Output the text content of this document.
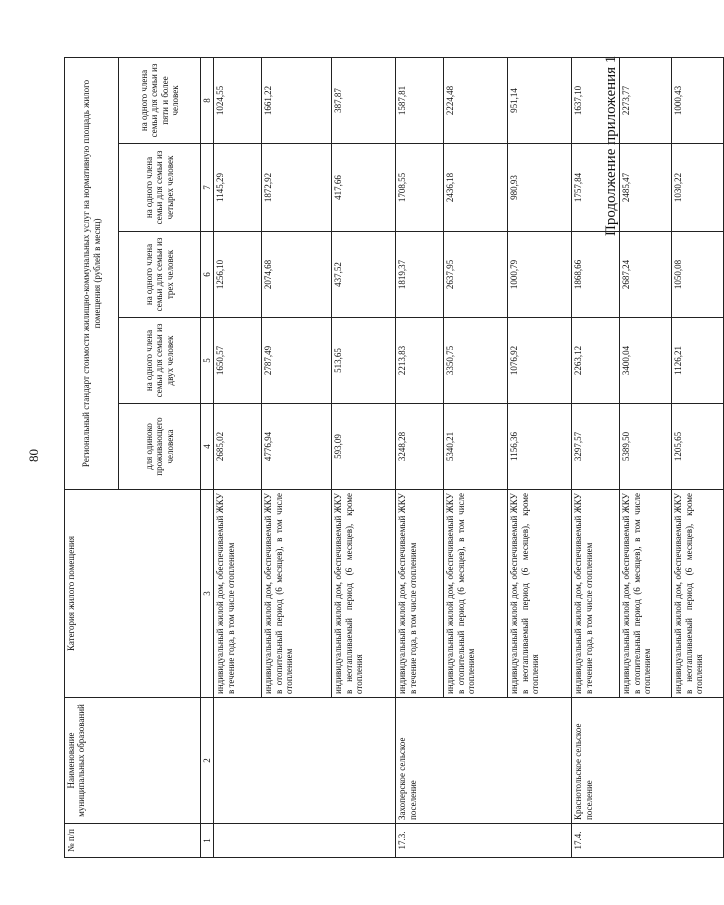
80
Продолжение приложения 1
№ п/п	Наименование муниципальных образований	Категория жилого помещения	Региональный стандарт стоимости жилищно-коммунальных услуг на нормативную площадь жилого помещения (рублей в месяц)				
			для одиноко проживающего человека	на одного члена семьи для семьи из двух человек	на одного члена семьи для семьи из трех человек	на одного члена семьи для семьи из четырех человек	на одного члена семьи для семьи из пяти и более человек
1	2	3	4	5	6	7	8
		индивидуальный жилой дом, обеспечиваемый ЖКУ в течение года, в том числе отоплением	2685,02	1650,57	1256,10	1145,29	1024,55
		индивидуальный жилой дом, обеспечиваемый ЖКУ в отопительный период (6 месяцев), в том числе отоплением	4776,94	2787,49	2074,68	1872,92	1661,22
		индивидуальный жилой дом, обеспечиваемый ЖКУ в неотапливаемый период (6 месяцев), кроме отопления	593,09	513,65	437,52	417,66	387,87
17.3.	Захоперское сельское поселение	индивидуальный жилой дом, обеспечиваемый ЖКУ в течение года, в том числе отоплением	3248,28	2213,83	1819,37	1708,55	1587,81
		индивидуальный жилой дом, обеспечиваемый ЖКУ в отопительный период (6 месяцев), в том числе отоплением	5340,21	3350,75	2637,95	2436,18	2224,48
		индивидуальный жилой дом, обеспечиваемый ЖКУ в неотапливаемый период (6 месяцев), кроме отопления	1156,36	1076,92	1000,79	980,93	951,14
17.4.	Краснотольское сельское поселение	индивидуальный жилой дом, обеспечиваемый ЖКУ в течение года, в том числе отоплением	3297,57	2263,12	1868,66	1757,84	1637,10
		индивидуальный жилой дом, обеспечиваемый ЖКУ в отопительный период (6 месяцев), в том числе отоплением	5389,50	3400,04	2687,24	2485,47	2273,77
		индивидуальный жилой дом, обеспечиваемый ЖКУ в неотапливаемый период (6 месяцев), кроме отопления	1205,65	1126,21	1050,08	1030,22	1000,43
